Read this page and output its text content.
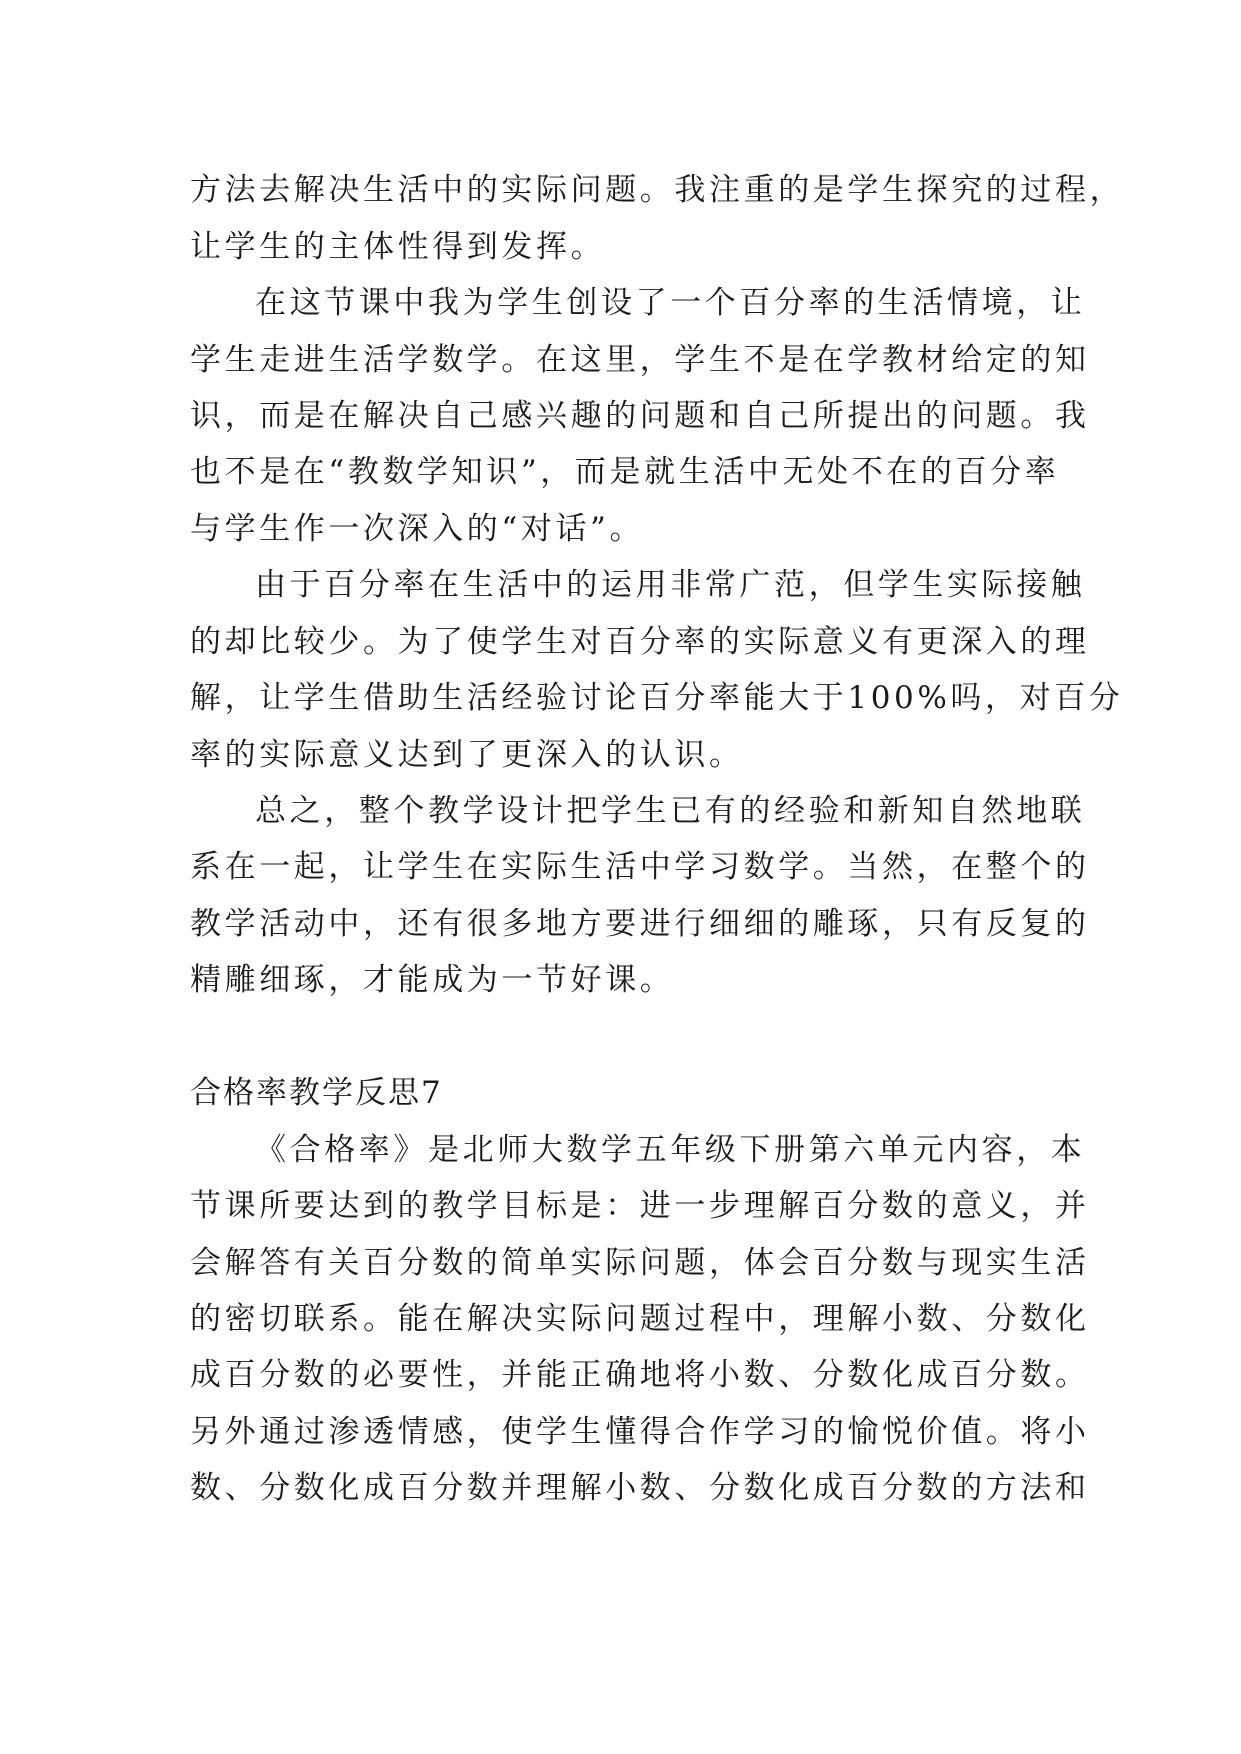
方法去解决生活中的实际问题。我注重的是学生探究的过程，
让学生的主体性得到发挥。
在这节课中我为学生创设了一个百分率的生活情境，让
学生走进生活学数学。在这里，学生不是在学教材给定的知
识，而是在解决自己感兴趣的问题和自己所提出的问题。我
也不是在“教数学知识”，而是就生活中无处不在的百分率
与学生作一次深入的“对话”。
由于百分率在生活中的运用非常广范，但学生实际接触
的却比较少。为了使学生对百分率的实际意义有更深入的理
解，让学生借助生活经验讨论百分率能大于100%吗，对百分
率的实际意义达到了更深入的认识。
总之，整个教学设计把学生已有的经验和新知自然地联
系在一起，让学生在实际生活中学习数学。当然，在整个的
教学活动中，还有很多地方要进行细细的雕琢，只有反复的
精雕细琢，才能成为一节好课。
合格率教学反思7
《合格率》是北师大数学五年级下册第六单元内容，本
节课所要达到的教学目标是：进一步理解百分数的意义，并
会解答有关百分数的简单实际问题，体会百分数与现实生活
的密切联系。能在解决实际问题过程中，理解小数、分数化
成百分数的必要性，并能正确地将小数、分数化成百分数。
另外通过渗透情感，使学生懂得合作学习的愉悦价值。将小
数、分数化成百分数并理解小数、分数化成百分数的方法和
